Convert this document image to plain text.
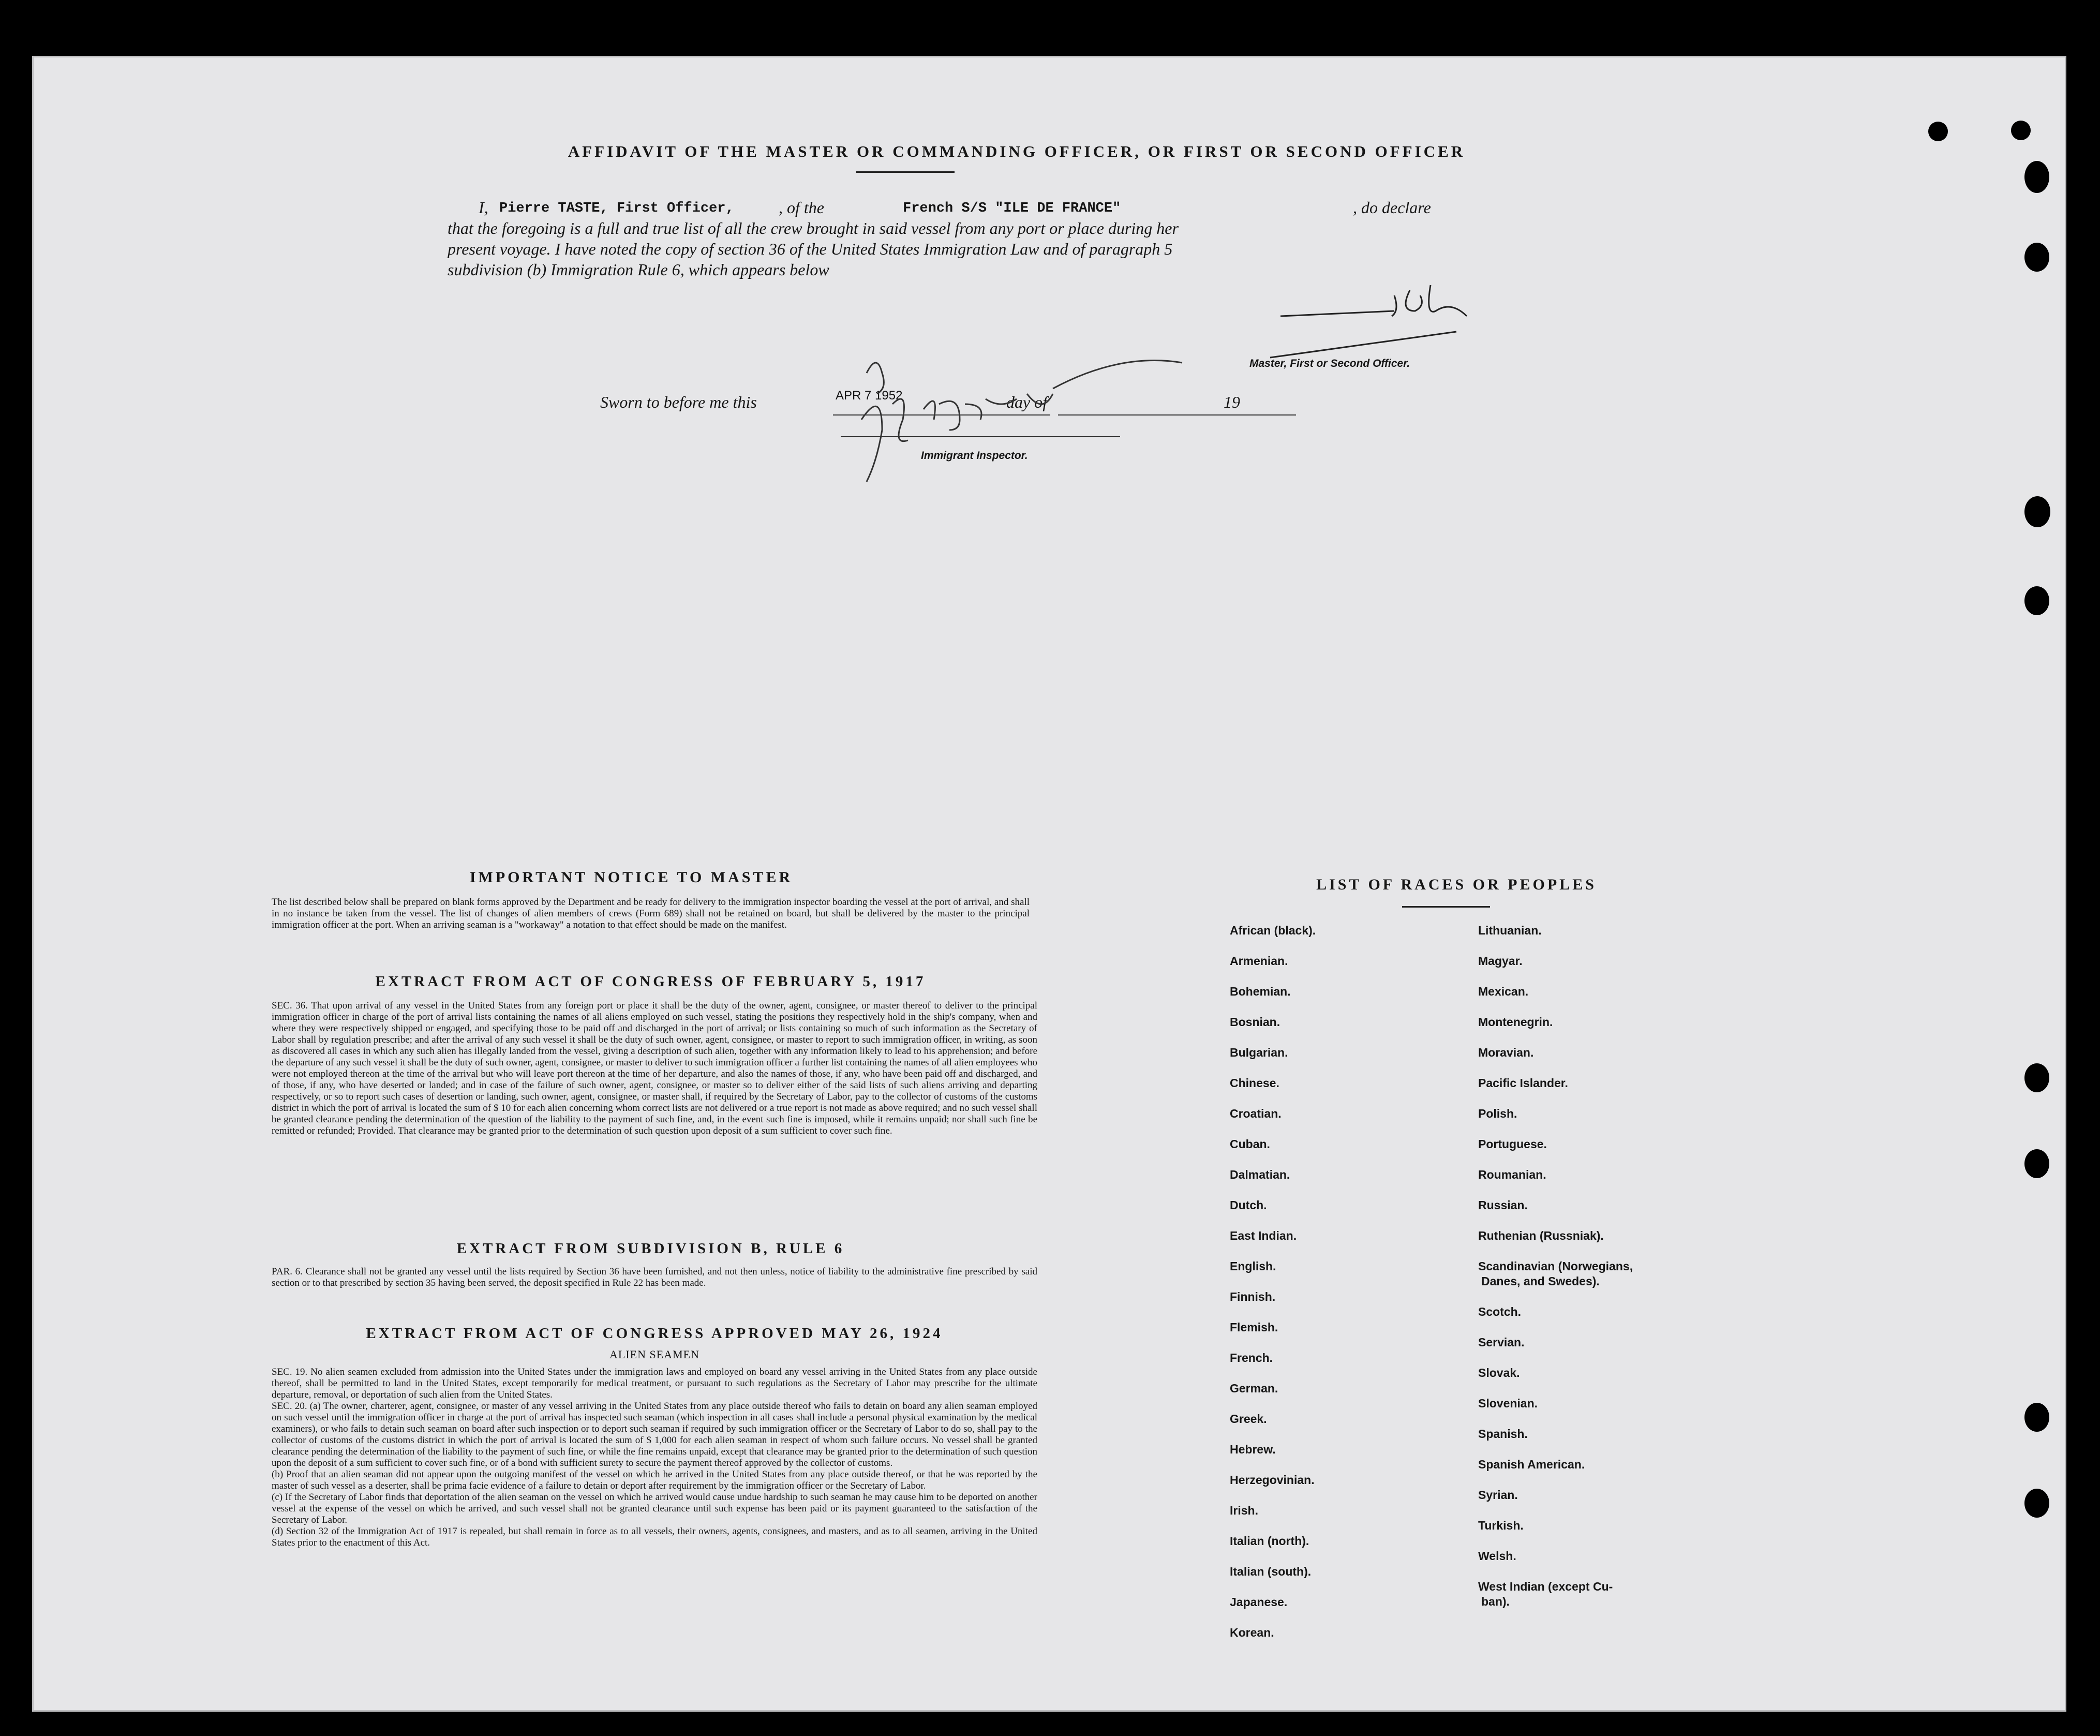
AFFIDAVIT OF THE MASTER OR COMMANDING OFFICER, OR FIRST OR SECOND OFFICER
I, Pierre TASTE, First Officer,	, of the	French S/S "ILE DE FRANCE"	, do declare
that the foregoing is a full and true list of all the crew brought in said vessel from any port or place during her
present voyage. I have noted the copy of section 36 of the United States Immigration Law and of paragraph 5
subdivision (b) Immigration Rule 6, which appears below
Master, First or Second Officer.
Sworn to before me this	APR 7 1952	day of	19
Immigrant Inspector.
IMPORTANT NOTICE TO MASTER

The list described below shall be prepared on blank forms approved by the Department and be ready for delivery to the immigration inspector boarding the vessel at the port of arrival, and shall in no instance be taken from the vessel. The list of changes of alien members of crews (Form 689) shall not be retained on board, but shall be delivered by the master to the principal immigration officer at the port. When an arriving seaman is a "workaway" a notation to that effect should be made on the manifest.

EXTRACT FROM ACT OF CONGRESS OF FEBRUARY 5, 1917

SEC. 36. That upon arrival of any vessel in the United States from any foreign port or place it shall be the duty of the owner, agent, consignee, or master thereof to deliver to the principal immigration officer in charge of the port of arrival lists containing the names of all aliens employed on such vessel, stating the positions they respectively hold in the ship's company, when and where they were respectively shipped or engaged, and specifying those to be paid off and discharged in the port of arrival; or lists containing so much of such information as the Secretary of Labor shall by regulation prescribe; and after the arrival of any such vessel it shall be the duty of such owner, agent, consignee, or master to report to such immigration officer, in writing, as soon as discovered all cases in which any such alien has illegally landed from the vessel, giving a description of such alien, together with any information likely to lead to his apprehension; and before the departure of any such vessel it shall be the duty of such owner, agent, consignee, or master to deliver to such immigration officer a further list containing the names of all alien employees who were not employed thereon at the time of the arrival but who will leave port thereon at the time of her departure, and also the names of those, if any, who have been paid off and discharged, and of those, if any, who have deserted or landed; and in case of the failure of such owner, agent, consignee, or master so to deliver either of the said lists of such aliens arriving and departing respectively, or so to report such cases of desertion or landing, such owner, agent, consignee, or master shall, if required by the Secretary of Labor, pay to the collector of customs of the customs district in which the port of arrival is located the sum of $ 10 for each alien concerning whom correct lists are not delivered or a true report is not made as above required; and no such vessel shall be granted clearance pending the determination of the question of the liability to the payment of such fine, and, in the event such fine is imposed, while it remains unpaid; nor shall such fine be remitted or refunded; Provided. That clearance may be granted prior to the determination of such question upon deposit of a sum sufficient to cover such fine.

EXTRACT FROM SUBDIVISION B, RULE 6

PAR. 6. Clearance shall not be granted any vessel until the lists required by Section 36 have been furnished, and not then unless, notice of liability to the administrative fine prescribed by said section or to that prescribed by section 35 having been served, the deposit specified in Rule 22 has been made.

EXTRACT FROM ACT OF CONGRESS APPROVED MAY 26, 1924
ALIEN SEAMEN

SEC. 19. No alien seamen excluded from admission into the United States under the immigration laws and employed on board any vessel arriving in the United States from any place outside thereof, shall be permitted to land in the United States, except temporarily for medical treatment, or pursuant to such regulations as the Secretary of Labor may prescribe for the ultimate departure, removal, or deportation of such alien from the United States.

SEC. 20. (a) The owner, charterer, agent, consignee, or master of any vessel arriving in the United States from any place outside thereof who fails to detain on board any alien seaman employed on such vessel until the immigration officer in charge at the port of arrival has inspected such seaman (which inspection in all cases shall include a personal physical examination by the medical examiners), or who fails to detain such seaman on board after such inspection or to deport such seaman if required by such immigration officer or the Secretary of Labor to do so, shall pay to the collector of customs of the customs district in which the port of arrival is located the sum of $ 1,000 for each alien seaman in respect of whom such failure occurs. No vessel shall be granted clearance pending the determination of the liability to the payment of such fine, or while the fine remains unpaid, except that clearance may be granted prior to the determination of such question upon the deposit of a sum sufficient to cover such fine, or of a bond with sufficient surety to secure the payment thereof approved by the collector of customs.

(b) Proof that an alien seaman did not appear upon the outgoing manifest of the vessel on which he arrived in the United States from any place outside thereof, or that he was reported by the master of such vessel as a deserter, shall be prima facie evidence of a failure to detain or deport after requirement by the immigration officer or the Secretary of Labor.

(c) If the Secretary of Labor finds that deportation of the alien seaman on the vessel on which he arrived would cause undue hardship to such seaman he may cause him to be deported on another vessel at the expense of the vessel on which he arrived, and such vessel shall not be granted clearance until such expense has been paid or its payment guaranteed to the satisfaction of the Secretary of Labor.

(d) Section 32 of the Immigration Act of 1917 is repealed, but shall remain in force as to all vessels, their owners, agents, consignees, and masters, and as to all seamen, arriving in the United States prior to the enactment of this Act.

LIST OF RACES OR PEOPLES
African (black).
Armenian.
Bohemian.
Bosnian.
Bulgarian.
Chinese.
Croatian.
Cuban.
Dalmatian.
Dutch.
East Indian.
English.
Finnish.
Flemish.
French.
German.
Greek.
Hebrew.
Herzegovinian.
Irish.
Italian (north).
Italian (south).
Japanese.
Korean.
Lithuanian.
Magyar.
Mexican.
Montenegrin.
Moravian.
Pacific Islander.
Polish.
Portuguese.
Roumanian.
Russian.
Ruthenian (Russniak).
Scandinavian (Norwegians,
Danes, and Swedes).
Scotch.
Servian.
Slovak.
Slovenian.
Spanish.
Spanish American.
Syrian.
Turkish.
Welsh.
West Indian (except Cu-
ban).
